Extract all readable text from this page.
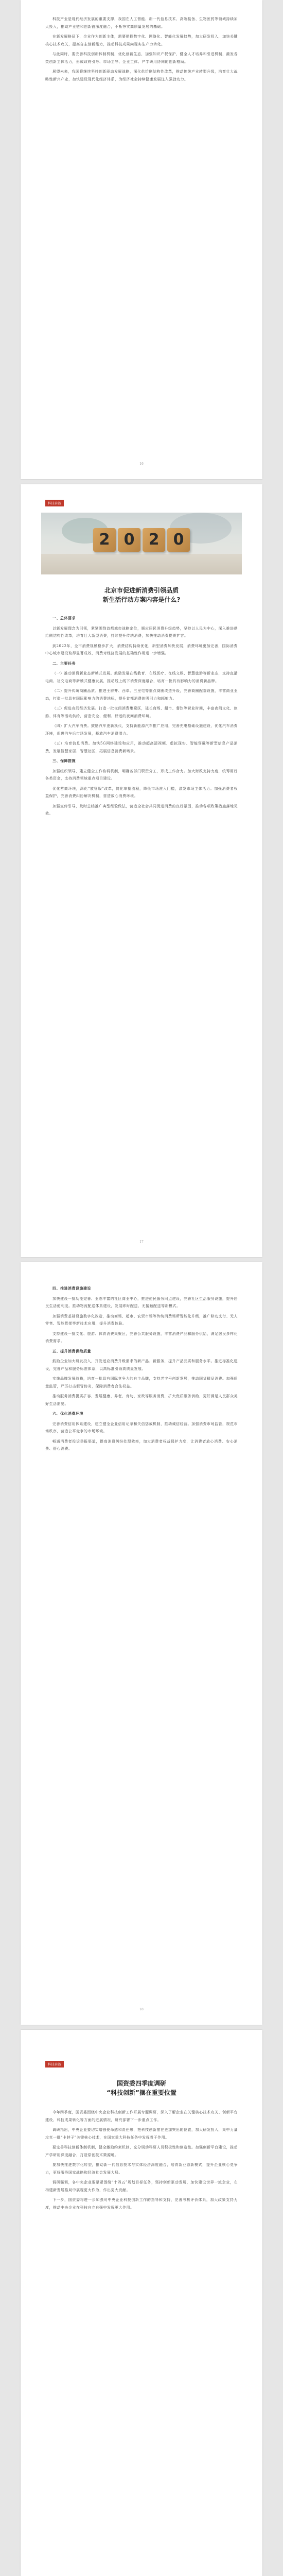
科技产业是现代经济发展的重要支撑，我国在人工智能、新一代信息技术、高端装备、生物医药等领域持续加大投入，推动产业链和创新链深度融合，不断夯实高质量发展的基础。

在新发展格局下，企业作为创新主体，需要把握数字化、网络化、智能化发展趋势，加大研发投入，加快关键核心技术攻关，提高自主创新能力，推动科技成果向现实生产力转化。

与此同时，要完善科技创新体制机制，优化创新生态，加强知识产权保护，健全人才培养和引进机制，激发各类创新主体活力，形成政府引导、市场主导、企业主体、产学研用协同的创新格局。

展望未来，我国将继续坚持创新驱动发展战略，深化供给侧结构性改革，推动传统产业转型升级，培育壮大战略性新兴产业，加快建设现代化经济体系，为经济社会持续健康发展注入强劲动力。

16
科技前沿
2 0 2 0

北京市促进新消费引领品质

新生活行动方案内容是什么?

一、总体要求

以新发展理念为引领，紧紧围绕首都城市战略定位，顺应居民消费升级趋势，坚持以人民为中心，深入推进供给侧结构性改革，培育壮大新型消费，持续提升传统消费，加快推动消费提质扩容。

到2022年，全市消费规模稳步扩大，消费结构持续优化，新型消费加快发展，消费环境更加完善，国际消费中心城市建设取得显著成效，消费对经济发展的基础性作用进一步增强。

二、主要任务

（一）推动消费新业态新模式发展。鼓励发展在线教育、在线医疗、在线文娱、智慧旅游等新业态，支持直播电商、社交电商等新模式健康发展，推动线上线下消费深度融合，培育一批具有影响力的消费新品牌。

（二）提升传统商圈品质。推进王府井、西单、三里屯等重点商圈改造升级，完善商圈配套设施，丰富商业业态，打造一批具有国际影响力的消费地标，提升首都消费的吸引力和辐射力。

（三）促进夜间经济发展。打造一批夜间消费集聚区，延长商场、超市、餐饮等营业时间，丰富夜间文化、旅游、体育等活动供给，营造安全、便利、舒适的夜间消费环境。

（四）扩大汽车消费。鼓励汽车更新换代，支持新能源汽车推广应用，完善充电基础设施建设，优化汽车消费环境，促进汽车后市场发展，释放汽车消费潜力。

（五）培育信息消费。加快5G网络建设和应用，推动超高清视频、虚拟现实、智能穿戴等新型信息产品消费，发展智慧家居、智慧社区，拓展信息消费新场景。

三、保障措施

加强组织领导，建立健全工作协调机制，明确各部门职责分工，形成工作合力。加大财政支持力度，统筹用好各类资金，支持消费领域重点项目建设。

优化营商环境，深化“放管服”改革，简化审批流程，降低市场准入门槛，激发市场主体活力。加强消费者权益保护，完善消费纠纷解决机制，营造放心消费环境。

加强宣传引导，及时总结推广典型经验做法，营造全社会共同促进消费的良好氛围，推动各项政策措施落地见效。

17

四、推进消费设施建设

加快建设一批功能完善、业态丰富的社区商业中心，推进便民服务网点建设，完善社区生活服务设施，提升居民生活便利度。推动物流配送体系建设，发展即时配送、无接触配送等新模式。

加强消费基础设施数字化改造，推动商场、超市、农贸市场等传统消费场所智能化升级，推广移动支付、无人零售、智能货架等新技术应用，提升消费体验。

支持建设一批文化、旅游、体育消费集聚区，完善公共服务设施，丰富消费产品和服务供给，满足居民多样化消费需求。

五、提升消费供给质量

鼓励企业加大研发投入，开发适应消费升级需求的新产品、新服务，提升产品品质和服务水平。推进标准化建设，完善产品和服务标准体系，以高标准引领高质量发展。

实施品牌发展战略，培育一批具有国际竞争力的自主品牌，支持老字号创新发展，推动国货精品消费。加强质量监管，严厉打击假冒伪劣，保障消费者合法权益。

推动服务消费提质扩容，发展健康、养老、育幼、家政等服务消费，扩大优质服务供给，更好满足人民群众美好生活需要。

六、优化消费环境

完善消费信用体系建设，建立健全企业信用记录和失信惩戒机制，推动诚信经营。加强消费市场监管，规范市场秩序，营造公平竞争的市场环境。

畅通消费者投诉举报渠道，提高消费纠纷处理效率，加大消费者权益保护力度，让消费者放心消费、安心消费、舒心消费。

18
科技前沿

国资委四季度调研

“科技创新”摆在重要位置

今年四季度，国资委围绕中央企业科技创新工作开展专题调研，深入了解企业在关键核心技术攻关、创新平台建设、科技成果转化等方面的进展情况，研究部署下一步重点工作。

调研指出，中央企业要切实增强使命感和责任感，把科技创新摆在更加突出的位置，加大研发投入，集中力量攻克一批“卡脖子”关键核心技术，在国家重大科技任务中发挥骨干作用。

要完善科技创新体制机制，健全激励约束机制，充分调动科研人员积极性和创造性。加强创新平台建设，推动产学研用深度融合，打造原创技术策源地。

要加快推进数字化转型，推动新一代信息技术与实体经济深度融合，培育新业态新模式，提升企业核心竞争力，更好服务国家战略和经济社会发展大局。

调研强调，各中央企业要紧紧围绕“十四五”规划目标任务，坚持创新驱动发展，加快建设世界一流企业，在构建新发展格局中展现更大作为，作出更大贡献。

下一步，国资委将进一步加强对中央企业科技创新工作的指导和支持，完善考核评价体系，加大政策支持力度，推动中央企业在科技自立自强中发挥更大作用。
